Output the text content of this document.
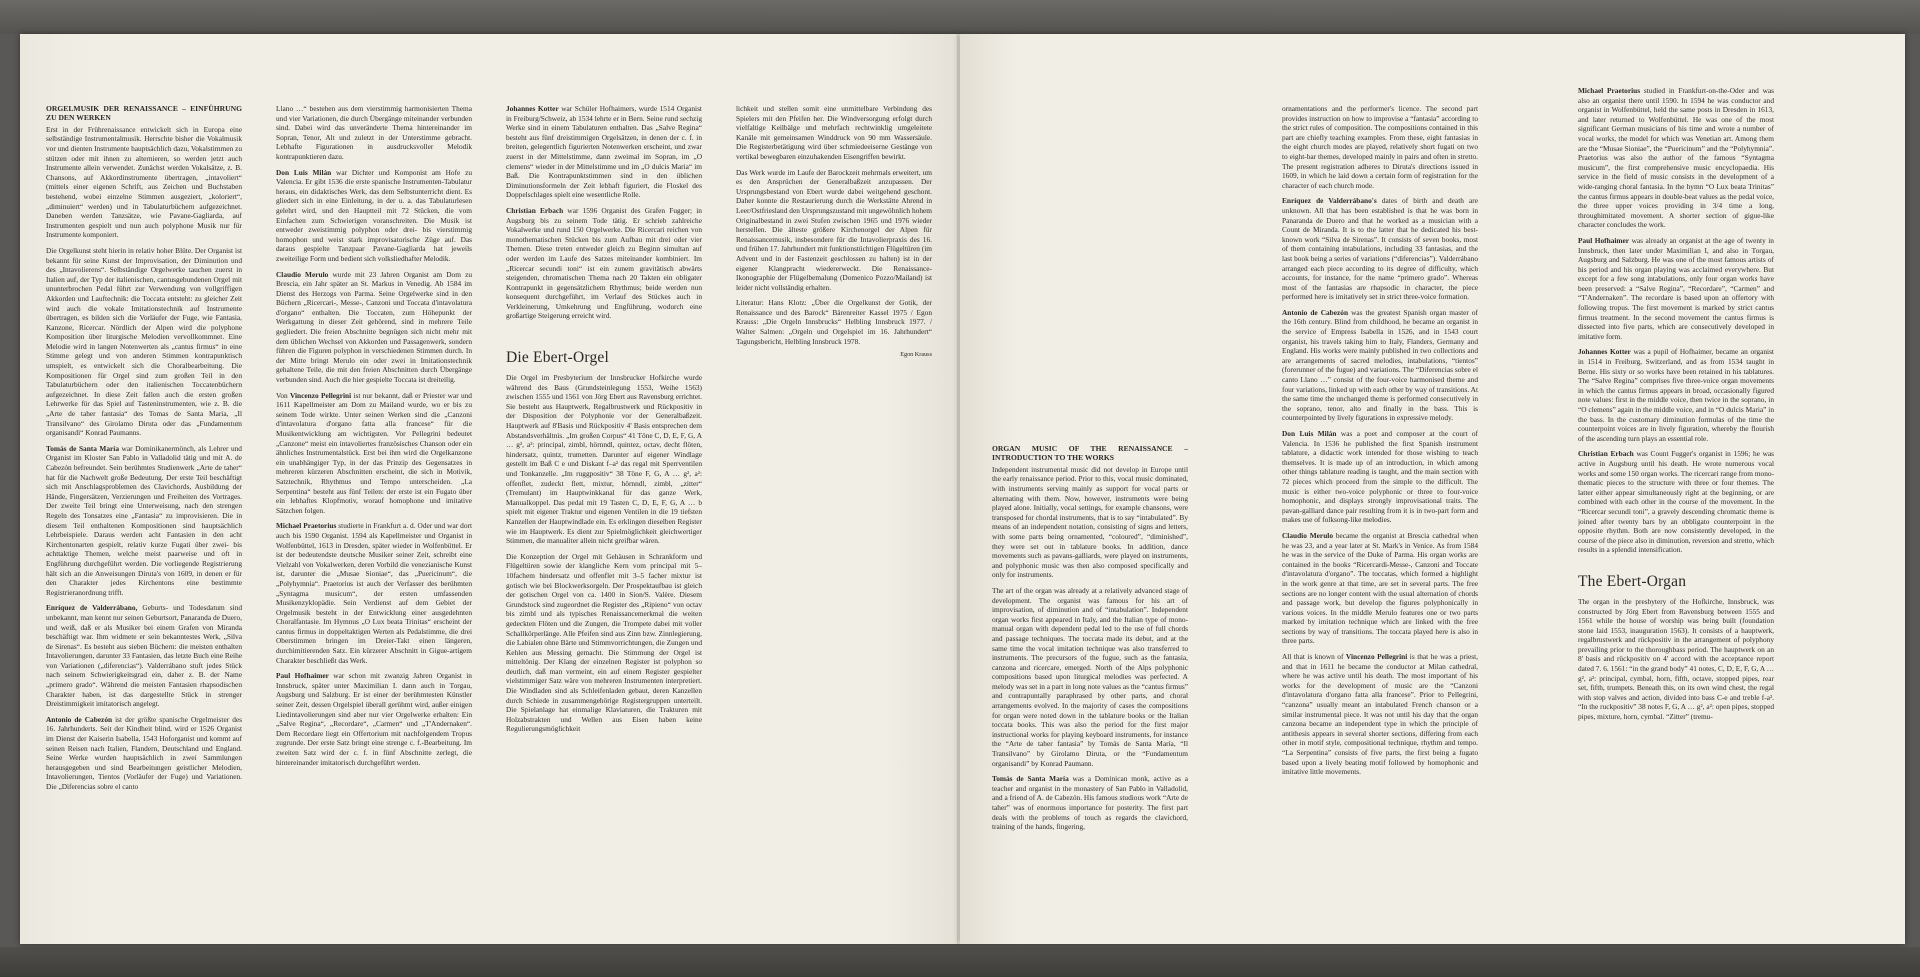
ORGELMUSIK DER RENAISSANCE – EINFÜHRUNG ZU DEN WERKEN

Erst in der Frührenaissance entwickelt sich in Europa eine selbständige Instrumentalmusik. Herrschte bisher die Vokalmusik vor und dienten Instrumente hauptsächlich dazu, Vokalstimmen zu stützen oder mit ihnen zu alternieren, so werden jetzt auch Instrumente allein verwendet. Zunächst werden Vokalsätze, z. B. Chansons, auf Akkordinstrumente übertragen, „intavoliert“ (mittels einer eigenen Schrift, aus Zeichen und Buchstaben bestehend, wobei einzelne Stimmen ausgeziert, „koloriert“, „diminuiert“ werden) und in Tabulaturbüchern aufgezeichnet. Daneben werden Tanzsätze, wie Pavane-Gagliarda, auf Instrumenten gespielt und nun auch polyphone Musik nur für Instrumente komponiert.

Die Orgelkunst steht hierin in relativ hoher Blüte. Der Organist ist bekannt für seine Kunst der Improvisation, der Diminution und des „Intavolierens“. Selbständige Orgelwerke tauchen zuerst in Italien auf, der Typ der italienischen, cantusgebundenen Orgel mit ununterbrochen Pedal führt zur Verwendung von vollgriffigen Akkorden und Lauftechnik: die Toccata entsteht: zu gleicher Zeit wird auch die vokale Imitationstechnik auf Instrumente übertragen, es bilden sich die Vorläufer der Fuge, wie Fantasia, Kanzone, Ricercar. Nördlich der Alpen wird die polyphone Komposition über liturgische Melodien vervollkommnet. Eine Melodie wird in langen Notenwerten als „cantus firmus“ in eine Stimme gelegt und von anderen Stimmen kontrapunktisch umspielt, es entwickelt sich die Choralbearbeitung. Die Kompositionen für Orgel sind zum großen Teil in den Tabulaturbüchern oder den italienischen Toccatenbüchern aufgezeichnet. In diese Zeit fallen auch die ersten großen Lehrwerke für das Spiel auf Tasteninstrumenten, wie z. B. die „Arte de taher fantasia“ des Tomas de Santa Maria, „Il Transilvano“ des Girolamo Diruta oder das „Fundamentum organisandi“ Konrad Paumanns.

Tomás de Santa María war Dominikanermönch, als Lehrer und Organist im Kloster San Pablo in Valladolid tätig und mit A. de Cabezón befreundet. Sein berühmtes Studienwerk „Arte de taher“ hat für die Nachwelt große Bedeutung. Der erste Teil beschäftigt sich mit Anschlagsproblemen des Clavichords, Ausbildung der Hände, Fingersätzen, Verzierungen und Freiheiten des Vortrages. Der zweite Teil bringt eine Unterweisung, nach den strengen Regeln des Tonsatzes eine „Fantasia“ zu improvisieren. Die in diesem Teil enthaltenen Kompositionen sind hauptsächlich Lehrbeispiele. Daraus werden acht Fantasien in den acht Kirchentonarten gespielt, relativ kurze Fugati über zwei- bis achttaktige Themen, welche meist paarweise und oft in Engführung durchgeführt werden. Die vorliegende Registrierung hält sich an die Anweisungen Diruta's von 1609, in denen er für den Charakter jedes Kirchentons eine bestimmte Registrieranordnung trifft.

Enríquez de Valderrábano, Geburts- und Todesdatum sind unbekannt, man kennt nur seinen Geburtsort, Panaranda de Duero, und weiß, daß er als Musiker bei einem Grafen von Miranda beschäftigt war. Ihm widmete er sein bekanntestes Werk, „Silva de Sirenas“. Es besteht aus sieben Büchern: die meisten enthalten Intavolierungen, darunter 33 Fantasien, das letzte Buch eine Reihe von Variationen („diferencias“). Valderrábano stuft jedes Stück nach seinem Schwierigkeitsgrad ein, daher z. B. der Name „primero grado“. Während die meisten Fantasien rhapsodischen Charakter haben, ist das dargestellte Stück in strenger Dreistimmigkeit imitatorisch angelegt.

Antonio de Cabezón ist der größte spanische Orgelmeister des 16. Jahrhunderts. Seit der Kindheit blind, wird er 1526 Organist im Dienst der Kaiserin Isabella, 1543 Hoforganist und kommt auf seinen Reisen nach Italien, Flandern, Deutschland und England. Seine Werke wurden hauptsächlich in zwei Sammlungen herausgegeben und sind Bearbeitungen geistlicher Melodien, Intavolierungen, Tientos (Vorläufer der Fuge) und Variationen. Die „Diferencias sobre el canto

Llano …“ bestehen aus dem vierstimmig harmonisierten Thema und vier Variationen, die durch Übergänge miteinander verbunden sind. Dabei wird das unveränderte Thema hintereinander im Sopran, Tenor, Alt und zuletzt in der Unterstimme gebracht. Lebhafte Figurationen in ausdrucksvoller Melodik kontrapunktieren dazu.

Don Luis Milán war Dichter und Komponist am Hofe zu Valencia. Er gibt 1536 die erste spanische Instrumenten-Tabulatur heraus, ein didaktisches Werk, das dem Selbstunterricht dient. Es gliedert sich in eine Einleitung, in der u. a. das Tabulaturlesen gelehrt wird, und den Hauptteil mit 72 Stücken, die vom Einfachen zum Schwierigen voranschreiten. Die Musik ist entweder zweistimmig polyphon oder drei- bis vierstimmig homophon und weist stark improvisatorische Züge auf. Das daraus gespielte Tanzpaar Pavane-Gagliarda hat jeweils zweiteilige Form und bedient sich volksliedhafter Melodik.

Claudio Merulo wurde mit 23 Jahren Organist am Dom zu Brescia, ein Jahr später an St. Markus in Venedig. Ab 1584 im Dienst des Herzogs von Parma. Seine Orgelwerke sind in den Büchern „Ricercari-, Messe-, Canzoni und Toccata d'intavolatura d'organo“ enthalten. Die Toccaten, zum Höhepunkt der Werkgattung in dieser Zeit gehörend, sind in mehrere Teile gegliedert. Die freien Abschnitte begnügen sich nicht mehr mit dem üblichen Wechsel von Akkorden und Passagenwerk, sondern führen die Figuren polyphon in verschiedenen Stimmen durch. In der Mitte bringt Merulo ein oder zwei in Imitationstechnik gehaltene Teile, die mit den freien Abschnitten durch Übergänge verbunden sind. Auch die hier gespielte Toccata ist dreiteilig.

Von Vincenzo Pellegrini ist nur bekannt, daß er Priester war und 1611 Kapellmeister am Dom zu Mailand wurde, wo er bis zu seinem Tode wirkte. Unter seinen Werken sind die „Canzoni d'intavolatura d'organo fatta alla francese“ für die Musikentwicklung am wichtigsten. Vor Pellegrini bedeutet „Canzone“ meist ein intavoliertes französisches Chanson oder ein ähnliches Instrumentalstück. Erst bei ihm wird die Orgelkanzone ein unabhängiger Typ, in der das Prinzip des Gegensatzes in mehreren kürzeren Abschnitten erscheint, die sich in Motivik, Satztechnik, Rhythmus und Tempo unterscheiden. „La Serpentina“ besteht aus fünf Teilen: der erste ist ein Fugato über ein lebhaftes Klopfmotiv, worauf homophone und imitative Sätzchen folgen.

Michael Praetorius studierte in Frankfurt a. d. Oder und war dort auch bis 1590 Organist. 1594 als Kapellmeister und Organist in Wolfenbüttel, 1613 in Dresden, später wieder in Wolfenbüttel. Er ist der bedeutendste deutsche Musiker seiner Zeit, schreibt eine Vielzahl von Vokalwerken, deren Vorbild die venezianische Kunst ist, darunter die „Musae Sioniae“, das „Puericinum“, die „Polyhymnia“. Praetorius ist auch der Verfasser des berühmten „Syntagma musicum“, der ersten umfassenden Musikenzyklopädie. Sein Verdienst auf dem Gebiet der Orgelmusik besteht in der Entwicklung einer ausgedehnten Choralfantasie. Im Hymnus „O Lux beata Trinitas“ erscheint der cantus firmus in doppeltaktigen Werten als Pedalstimme, die drei Oberstimmen bringen im Dreier-Takt einen längeren, durchimitierenden Satz. Ein kürzerer Abschnitt in Gigue-artigem Charakter beschließt das Werk.

Paul Hofhaimer war schon mit zwanzig Jahren Organist in Innsbruck, später unter Maximilian I. dann auch in Torgau, Augsburg und Salzburg. Er ist einer der berühmtesten Künstler seiner Zeit, dessen Orgelspiel überall gerühmt wird, außer einigen Liedintavolierungen sind aber nur vier Orgelwerke erhalten: Ein „Salve Regina“, „Recordare“, „Carmen“ und „T'Andernaken“. Dem Recordare liegt ein Offertorium mit nachfolgendem Tropus zugrunde. Der erste Satz bringt eine strenge c. f.-Bearbeitung. Im zweiten Satz wird der c. f. in fünf Abschnitte zerlegt, die hintereinander imitatorisch durchgeführt werden.

Johannes Kotter war Schüler Hofhaimers, wurde 1514 Organist in Freiburg/Schweiz, ab 1534 lehrte er in Bern. Seine rund sechzig Werke sind in einem Tabulaturen enthalten. Das „Salve Regina“ besteht aus fünf dreistimmigen Orgelsätzen, in denen der c. f. in breiten, gelegentlich figurierten Notenwerken erscheint, und zwar zuerst in der Mittelstimme, dann zweimal im Sopran, im „O clemens“ wieder in der Mittelstimme und im „O dulcis Maria“ im Baß. Die Kontrapunktstimmen sind in den üblichen Diminutionsformeln der Zeit lebhaft figuriert, die Floskel des Doppelschlages spielt eine wesentliche Rolle.

Christian Erbach war 1596 Organist des Grafen Fugger; in Augsburg bis zu seinem Tode tätig. Er schrieb zahlreiche Vokalwerke und rund 150 Orgelwerke. Die Ricercari reichen von monothematischen Stücken bis zum Aufbau mit drei oder vier Themen. Diese treten entweder gleich zu Beginn simultan auf oder werden im Laufe des Satzes miteinander kombiniert. Im „Ricercar secundi toni“ ist ein zunem gravitätisch abwärts steigenden, chromatischen Thema nach 20 Takten ein obligater Kontrapunkt in gegensätzlichem Rhythmus; beide werden nun konsequent durchgeführt, im Verlauf des Stückes auch in Verkleinerung, Umkehrung und Engführung, wodurch eine großartige Steigerung erreicht wird.

Die Ebert-Orgel

Die Orgel im Presbyterium der Innsbrucker Hofkirche wurde während des Baus (Grundsteinlegung 1553, Weihe 1563) zwischen 1555 und 1561 von Jörg Ebert aus Ravensburg errichtet. Sie besteht aus Hauptwerk, Regalbrustwerk und Rückpositiv in der Disposition der Polyphonie vor der Generalbaßzeit. Hauptwerk auf 8'Basis und Rückpositiv 4' Basis entsprechen dem Abstandsverhältnis. „Im großen Corpus“ 41 Töne C, D, E, F, G, A … g², a²: principal, zimbl, hörnndl, quintez, octav, decht flöten, hindersatz, quintz, trumetten. Darunter auf eigener Windlage gestellt im Baß C e und Diskant f–a² das regal mit Sperrventilen und Tonkanzelle. „Im ruggpositiv“ 38 Töne F, G, A … g², a²: offenflet, zudeckt flett, mixtur, hörnndl, zimbl, „zitter“ (Tremulant) im Hauptwinkkanal für das ganze Werk, Manualkoppel. Das pedal mit 19 Tasten C, D, E, F, G, A … b spielt mit eigener Traktur und eigenen Ventilen in die 19 tiefsten Kanzellen der Hauptwindlade ein. Es erklingen dieselben Register wie im Hauptwerk. Es dient zur Spielmöglichkeit gleichwertiger Stimmen, die manualiter allein nicht greifbar wären.

Die Konzeption der Orgel mit Gehäusen in Schrankform und Flügeltüren sowie der klangliche Kern vom principal mit 5–10fachem hindersatz und offenflet mit 3–5 facher mixtur ist gotisch wie bei Blockwerksorgeln. Der Prospektaufbau ist gleich der gotischen Orgel von ca. 1400 in Sion/S. Valère. Diesem Grundstock sind zugeordnet die Register des „Ripieno“ von octav bis zimbl und als typisches Renaissancemerkmal die weiten gedeckten Flöten und die Zungen, die Trompete dabei mit voller Schallkörperlänge. Alle Pfeifen sind aus Zinn bzw. Zinnlegierung, die Labialen ohne Bärte und Stimmvorrichtungen, die Zungen und Kehlen aus Messing gemacht. Die Stimmung der Orgel ist mitteltönig. Der Klang der einzelnen Register ist polyphon so deutlich, daß man vermeint, ein auf einem Register gespielter vielstimmiger Satz wäre von mehreren Instrumenten interpretiert. Die Windladen sind als Schleifenladen gebaut, deren Kanzellen durch Schiede in zusammengehörige Registergruppen unterteilt. Die Spielanlage hat einmalige Klaviaturen, die Trakturen mit Holzabstrakten und Wellen aus Eisen haben keine Regulierungsmöglichkeit

lichkeit und stellen somit eine unmittelbare Verbindung des Spielers mit den Pfeifen her. Die Windversorgung erfolgt durch vielfaltige Keilbälge und mehrfach rechtwinklig umgeleitete Kanäle mit gemeinsamen Winddruck von 90 mm Wassersäule. Die Registerbetätigung wird über schmiedeeiserne Gestänge von vertikal bewegbaren einzuhakenden Eisengriffen bewirkt.

Das Werk wurde im Laufe der Barockzeit mehrmals erweitert, um es den Ansprüchen der Generalbaßzeit anzupassen. Der Ursprungsbestand von Ebert wurde dabei weitgehend geschont. Daher konnte die Restaurierung durch die Werkstätte Ahrend in Leer/Ostfriesland den Ursprungszustand mit ungewöhnlich hohem Originalbestand in zwei Stufen zwischen 1965 und 1976 wieder herstellen. Die älteste größere Kirchenorgel der Alpen für Renaissancemusik, insbesondere für die Intavolierpraxis des 16. und frühen 17. Jahrhundert mit funktionstüchtigen Flügeltüren (im Advent und in der Fastenzeit geschlossen zu halten) ist in der eigener Klangpracht wiedererweckt. Die Renaissance-Ikonographie der Flügelbemalung (Domenico Pozzo/Mailand) ist leider nicht vollständig erhalten.

Literatur: Hans Klotz: „Über die Orgelkunst der Gotik, der Renaissance und des Barock“ Bärenreiter Kassel 1975 / Egon Krauss: „Die Orgeln Innsbrucks“ Helbling Innsbruck 1977. / Walter Salmen: „Orgeln und Orgelspiel im 16. Jahrhundert“ Tagungsbericht, Helbling Innsbruck 1978.

Egon Krauss

ORGAN MUSIC OF THE RENAISSANCE – INTRODUCTION TO THE WORKS

Independent instrumental music did not develop in Europe until the early renaissance period. Prior to this, vocal music dominated, with instruments serving mainly as support for vocal parts or alternating with them. Now, however, instruments were being played alone. Initially, vocal settings, for example chansons, were transposed for chordal instruments, that is to say “intabulated”. By means of an independent notation, consisting of signs and letters, with some parts being ornamented, “coloured”, “diminished”, they were set out in tablature books. In addition, dance movements such as pavans-galliards, were played on instruments, and polyphonic music was then also composed specifically and only for instruments.

The art of the organ was already at a relatively advanced stage of development. The organist was famous for his art of improvisation, of diminution and of “intabulation”. Independent organ works first appeared in Italy, and the Italian type of mono-manual organ with dependent pedal led to the use of full chords and passage techniques. The toccata made its debut, and at the same time the vocal imitation technique was also transferred to instruments. The precursors of the fugue, such as the fantasia, canzona and ricercare, emerged. North of the Alps polyphonic compositions based upon liturgical melodies was perfected. A melody was set in a part in long note values as the “cantus firmus” and contrapuntally paraphrased by other parts, and choral arrangements evolved. In the majority of cases the compositions for organ were noted down in the tablature books or the Italian toccata books. This was also the period for the first major instructional works for playing keyboard instruments, for instance the “Arte de taher fantasia” by Tomás de Santa María, “Il Transilvano” by Girolamo Diruta, or the “Fundamentum organisandi” by Konrad Paumann.

Tomás de Santa María was a Dominican monk, active as a teacher and organist in the monastery of San Pablo in Valladolid, and a friend of A. de Cabezón. His famous studious work “Arte de taher” was of enormous importance for posterity. The first part deals with the problems of touch as regards the clavichord, training of the hands, fingering,

ornamentations and the performer's licence. The second part provides instruction on how to improvise a “fantasia” according to the strict rules of composition. The compositions contained in this part are chiefly teaching examples. From these, eight fantasias in the eight church modes are played, relatively short fugati on two to eight-bar themes, developed mainly in pairs and often in stretto. The present registration adheres to Diruta's directions issued in 1609, in which he laid down a certain form of registration for the character of each church mode.

Enríquez de Valderrábano's dates of birth and death are unknown. All that has been established is that he was born in Panaranda de Duero and that he worked as a musician with a Count de Miranda. It is to the latter that he dedicated his best-known work “Silva de Sirenas”. It consists of seven books, most of them containing intabulations, including 33 fantasias, and the last book being a series of variations (“diferencias”). Valderrábano arranged each piece according to its degree of difficulty, which accounts, for instance, for the name “primero grado”. Whereas most of the fantasias are rhapsodic in character, the piece performed here is imitatively set in strict three-voice formation.

Antonio de Cabezón was the greatest Spanish organ master of the 16th century. Blind from childhood, he became an organist in the service of Empress Isabella in 1526, and in 1543 court organist, his travels taking him to Italy, Flanders, Germany and England. His works were mainly published in two collections and are arrangements of sacred melodies, intabulations, “tientos” (forerunner of the fugue) and variations. The “Diferencias sobre el canto Llano …” consist of the four-voice harmonised theme and four variations, linked up with each other by way of transitions. At the same time the unchanged theme is performed consecutively in the soprano, tenor, alto and finally in the bass. This is counterpointed by lively figurations in expressive melody.

Don Luis Milán was a poet and composer at the court of Valencia. In 1536 he published the first Spanish instrument tablature, a didactic work intended for those wishing to teach themselves. It is made up of an introduction, in which among other things tablature reading is taught, and the main section with 72 pieces which proceed from the simple to the difficult. The music is either two-voice polyphonic or three to four-voice homophonic, and displays strongly improvisational traits. The pavan-galliard dance pair resulting from it is in two-part form and makes use of folksong-like melodies.

Claudio Merulo became the organist at Brescia cathedral when he was 23, and a year later at St. Mark's in Venice. As from 1584 he was in the service of the Duke of Parma. His organ works are contained in the books “Ricercardi-Messe-, Canzoni and Toccate d'intavolatura d'organo”. The toccatas, which formed a highlight in the work genre at that time, are set in several parts. The free sections are no longer content with the usual alternation of chords and passage work, but develop the figures polyphonically in various voices. In the middle Merulo features one or two parts marked by imitation technique which are linked with the free sections by way of transitions. The toccata played here is also in three parts.

All that is known of Vincenzo Pellegrini is that he was a priest, and that in 1611 he became the conductor at Milan cathedral, where he was active until his death. The most important of his works for the development of music are the “Canzoni d'intavolatura d'organo fatta alla francese”. Prior to Pellegrini, “canzona” usually meant an intabulated French chanson or a similar instrumental piece. It was not until his day that the organ canzona became an independent type in which the principle of antithesis appears in several shorter sections, differing from each other in motif style, compositional technique, rhythm and tempo. “La Serpentina” consists of five parts, the first being a fugato based upon a lively beating motif followed by homophonic and imitative little movements.

Michael Praetorius studied in Frankfurt-on-the-Oder and was also an organist there until 1590. In 1594 he was conductor and organist in Wolfenbüttel, held the same posts in Dresden in 1613, and later returned to Wolfenbüttel. He was one of the most significant German musicians of his time and wrote a number of vocal works, the model for which was Venetian art. Among them are the “Musae Sioniae”, the “Puericinum” and the “Polyhymnia”. Praetorius was also the author of the famous “Syntagma musicum”, the first comprehensive music encyclopaedia. His service in the field of music consists in the development of a wide-ranging choral fantasia. In the hymn “O Lux beata Trinitas” the cantus firmus appears in double-beat values as the pedal voice, the three upper voices providing in 3/4 time a long, throughimitated movement. A shorter section of gigue-like character concludes the work.

Paul Hofhaimer was already an organist at the age of twenty in Innsbruck, then later under Maximilian I, and also in Torgau, Augsburg and Salzburg. He was one of the most famous artists of his period and his organ playing was acclaimed everywhere. But except for a few song intabulations, only four organ works have been preserved: a “Salve Regina”, “Recordare”, “Carmen” and “T'Andernaken”. The recordare is based upon an offertory with following tropus. The first movement is marked by strict cantus firmus treatment. In the second movement the cantus firmus is dissected into five parts, which are consecutively developed in imitative form.

Johannes Kotter was a pupil of Hofhaimer, became an organist in 1514 in Freiburg, Switzerland, and as from 1534 taught in Berne. His sixty or so works have been retained in his tablatures. The “Salve Regina” comprises five three-voice organ movements in which the cantus firmus appears in broad, occasionally figured note values: first in the middle voice, then twice in the soprano, in “O clemens” again in the middle voice, and in “O dulcis Maria” in the bass. In the customary diminution formulas of the time the counterpoint voices are in lively figuration, whereby the flourish of the ascending turn plays an essential role.

Christian Erbach was Count Fugger's organist in 1596; he was active in Augsburg until his death. He wrote numerous vocal works and some 150 organ works. The ricercari range from mono-thematic pieces to the structure with three or four themes. The latter either appear simultaneously right at the beginning, or are combined with each other in the course of the movement. In the “Ricercar secundi toni”, a gravely descending chromatic theme is joined after twenty bars by an obbligato counterpoint in the opposite rhythm. Both are now consistently developed, in the course of the piece also in diminution, reversion and stretto, which results in a splendid intensification.

The Ebert-Organ

The organ in the presbytery of the Hofkirche, Innsbruck, was constructed by Jörg Ebert from Ravensburg between 1555 and 1561 while the house of worship was being built (foundation stone laid 1553, inauguration 1563). It consists of a hauptwerk, regalbrustwerk and rückpositiv in the arrangement of polyphony prevailing prior to the thoroughbass period. The hauptwerk on an 8' basis and rückpositiv on 4' accord with the acceptance report dated 7. 6. 1561: “in the grand body” 41 notes, C, D, E, F, G, A … g², a²: principal, cymbal, horn, fifth, octave, stopped pipes, rear set, fifth, trumpets. Beneath this, on its own wind chest, the regal with stop valves and action, divided into bass C-e and treble f-a². “In the ruckpositiv” 38 notes F, G, A … g², a²: open pipes, stopped pipes, mixture, horn, cymbal. “Zitter” (tremu-
